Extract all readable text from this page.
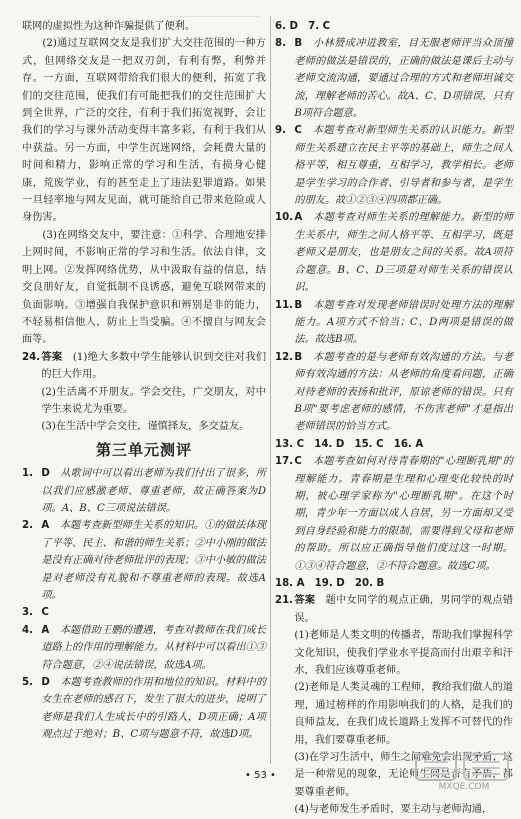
联网的虚拟性为这种诈骗提供了便利。

(2)通过互联网交友是我们扩大交往范围的一种方式，但网络交友是一把双刃剑，有利有弊，利弊并存。一方面，互联网带给我们很大的便利，拓宽了我们的交往范围，使我们有可能把我们的交往范围扩大到全世界，广泛的交往，有利于我们拓宽视野，会让我们的学习与课外活动变得丰富多彩，有利于我们从中获益。另一方面，中学生沉迷网络，会耗费大量的时间和精力，影响正常的学习和生活，有损身心健康，荒废学业，有的甚至走上了违法犯罪道路。如果一旦轻率地与网友见面，就可能给自己带来危险或人身伤害。

(3)在网络交友中，要注意：①科学、合理地安排上网时间，不影响正常的学习和生活。依法自律，文明上网。②发挥网络优势，从中汲取有益的信息，结交良朋好友，自觉抵制不良诱惑，避免互联网带来的负面影响。③增强自我保护意识和辨别是非的能力，不轻易相信他人，防止上当受骗。④不擅自与网友会面等。

24. 答案　 (1)绝大多数中学生能够认识到交往对我们的巨大作用。

(2)生活离不开朋友。学会交往，广交朋友，对中学生来说尤为重要。

(3)在生活中学会交往，谨慎择友，多交益友。

第三单元测评

1. D　 从歌词中可以看出老师为我们付出了很多，所以我们应感激老师、尊重老师，故正确答案为D项。A、B、C三项说法错误。

2. A　 本题考查新型师生关系的知识。①的做法体现了平等、民主、和谐的师生关系；②中小刚的做法是没有正确对待老师批评的表现；③中小敏的做法是对老师没有礼貌和不尊重老师的表现。故选A项。

3. C

4. A　 本题借助王鹏的遭遇，考查对教师在我们成长道路上的作用的理解能力。从材料中可以看出①③符合题意，②④说法错误，故选A项。

5. D　 本题考查教师的作用和地位的知识。材料中的女生在老师的感召下，发生了很大的进步，说明了老师是我们人生成长中的引路人，D项正确；A项观点过于绝对；B、C项与题意不符，故选D项。

6. D　7. C

8. B　 小林赞成冲进教室，目无服老师评当众顶撞老师的做法是错误的，正确的做法是课后主动与老师交流沟通，要通过合理的方式和老师坦诚交流，理解老师的苦心。故A、C、D项错误，只有B项符合题意。

9. C　 本题考查对新型师生关系的认识能力。新型师生关系建立在民主平等的基础上，师生之间人格平等，相互尊重，互相学习，教学相长。老师是学生学习的合作者、引导者和参与者，是学生的朋友。故①②③④四项都正确。

10. A　 本题考查对师生关系的理解能力。新型的师生关系中，师生之间人格平等、互相学习，既是老师又是朋友，也是朋友之间的关系。故A项符合题意。B、C、D三项是对师生关系的错误认识。

11. B　 本题考查对发现老师错误时处理方法的理解能力。A项方式不恰当；C、D两项是错误的做法。故选B项。

12. B　 本题考查的是与老师有效沟通的方法。与老师有效沟通的方法：从老师的角度看问题，正确对待老师的表扬和批评，原谅老师的错误。只有B项"要考虑老师的感情，不伤害老师"才是指出老师错误的恰当方式。

13. C　14. D　15. C　16. A

17. C　 本题考查如何对待青春期的"心理断乳期"的理解能力。青春期是生理和心理变化较快的时期，被心理学家称为"心理断乳期"。在这个时期，青少年一方面以成人自居，另一方面却又受到自身经验和能力的限制，需要得到父母和老师的帮助。所以应正确指导他们度过这一时期。①③④符合题意，②不符合题意。故选C项。

18. A　19. D　20. B

21. 答案　 题中女同学的观点正确，男同学的观点错误。

(1)老师是人类文明的传播者，帮助我们掌握科学文化知识，使我们学业水平提高而付出艰辛和汗水，我们应该尊重老师。

(2)老师是人类灵魂的工程师，教给我们做人的道理，通过榜样的作用影响我们的人格，是我们的良师益友，在我们成长道路上发挥不可替代的作用，我们要尊重老师。

(3)在学习生活中，师生之间难免会出现矛盾，这是一种常见的现象，无论师生间是否有矛盾，都要尊重老师。

(4)与老师发生矛盾时，要主动与老师沟通，

• 53 •
MXQE.COM
